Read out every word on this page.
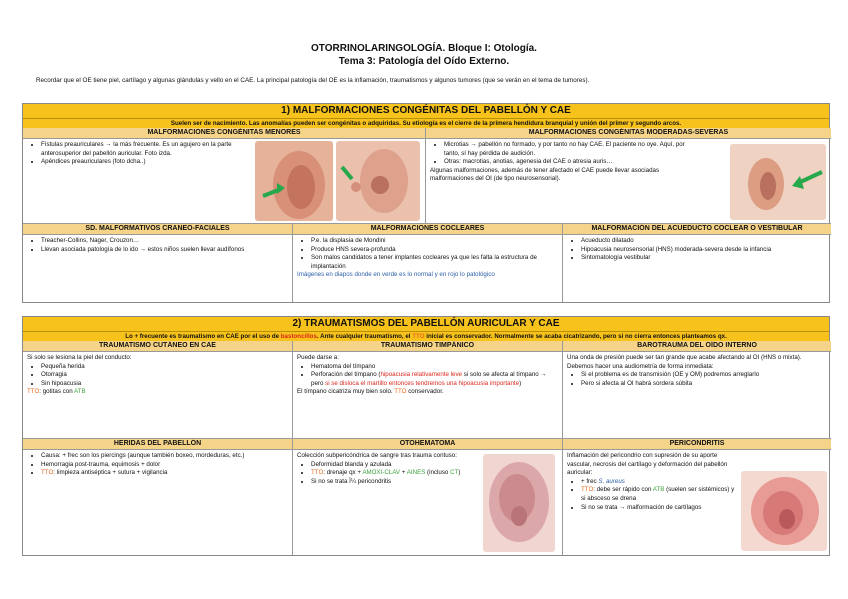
OTORRINOLARINGOLOGÍA. Bloque I: Otología.
Tema 3: Patología del Oído Externo.
Recordar que el OE tiene piel, cartílago y algunas glándulas y vello en el CAE. La principal patología del OE es la inflamación, traumatismos y algunos tumores (que se verán en el tema de tumores).
1) MALFORMACIONES CONGÉNITAS DEL PABELLÓN Y CAE
Suelen ser de nacimiento. Las anomalías pueden ser congénitas o adquiridas. Su etiología es el cierre de la primera hendidura branquial y unión del primer y segundo arcos.
MALFORMACIONES CONGÉNITAS MENORES
• Fístulas preauriculares → la más frecuente. Es un agujero en la parte anterosuperior del pabellón auricular. Foto izda.
• Apéndices preauriculares (foto dcha..)
MALFORMACIONES CONGÉNITAS MODERADAS-SEVERAS
• Microtias → pabellón no formado, y por tanto no hay CAE. El paciente no oye. Aquí, por tanto, sí hay pérdida de audición.
• Otras: macrotias, anotias, agenesia del CAE o atresia auris…
Algunas malformaciones, además de tener afectado el CAE puede llevar asociadas malformaciones del OI (de tipo neurosensorial).
SD. MALFORMATIVOS CRANEO-FACIALES
• Treacher-Collins, Nager, Crouzon…
• Llevan asociada patología de lo ido → estos niños suelen llevar audífonos
MALFORMACIONES COCLEARES
• P.e. la displasia de Mondini
• Produce HNS severa-profunda
• Son malos candidatos a tener implantes cocleares ya que les falta la estructura de implantación
Imágenes en diapos donde en verde es lo normal y en rojo lo patológico
MALFORMACIÓN DEL ACUEDUCTO COCLEAR O VESTIBULAR
• Acueducto dilatado
• Hipoacusia neurosensorial (HNS) moderada-severa desde la infancia
• Sintomatología vestibular
2) TRAUMATISMOS DEL PABELLÓN AURICULAR Y CAE
Lo + frecuente es traumatismo en CAE por el uso de bastoncillos. Ante cualquier traumatismo, el TTO inicial es conservador. Normalmente se acaba cicatrizando, pero si no cierra entonces planteamos qx.
TRAUMATISMO CUTÁNEO EN CAE
Si solo se lesiona la piel del conducto:
• Pequeña herida
• Otorragia
• Sin hipoacusia
TTO: gotitas con ATB
TRAUMATISMO TIMPÁNICO
Puede darse a:
• Hematoma del tímpano
• Perforación del tímpano (hipoacusia relativamente leve si solo se afecta al tímpano → pero si se disloca el martillo entonces tendremos una hipoacusia importante)
El tímpano cicatriza muy bien solo. TTO conservador.
BAROTRAUMA DEL OÍDO INTERNO
Una onda de presión puede ser tan grande que acabe afectando al OI (HNS o mixta). Debemos hacer una audiometría de forma inmediata:
• Si el problema es de transmisión (OE y OM) podremos arreglarlo
• Pero si afecta al OI habrá sordera súbita
HERIDAS DEL PABELLÓN
• Causa: + frec son los piercings (aunque también boxeo, mordeduras, etc.)
• Hemorragia post-trauma, equimosis + dolor
• TTO: limpieza antiséptica + sutura + vigilancia
OTOHEMATOMA
Colección subpericóndrica de sangre tras trauma contuso:
• Deformidad blanda y azulada
• TTO: drenaje qx + AMOXI-CLAV + AINES (incluso CT)
• Si no se trata Ï¼ pericondritis
PERICONDRITIS
Inflamación del pericondrio con supresión de su aporte vascular, necrosis del cartílago y deformación del pabellón auricular:
• + frec S. aureus
• TTO: debe ser rápido con ATB (suelen ser sistémicos) y si absceso se drena
• Si no se trata → malformación de cartílagos
